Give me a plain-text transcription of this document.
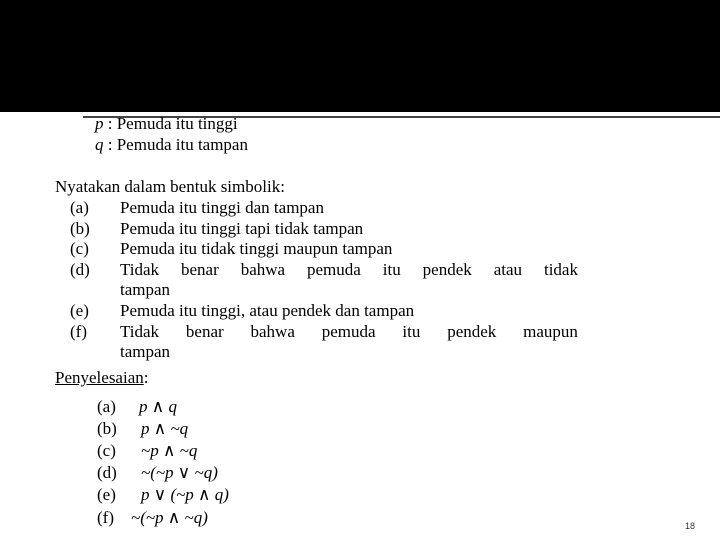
p : Pemuda itu tinggi
q : Pemuda itu tampan
Nyatakan dalam bentuk simbolik:
(a) Pemuda itu tinggi dan tampan
(b) Pemuda itu tinggi tapi tidak tampan
(c) Pemuda itu tidak tinggi maupun tampan
(d) Tidak benar bahwa pemuda itu pendek atau tidak
tampan
(e) Pemuda itu tinggi, atau pendek dan tampan
(f) Tidak benar bahwa pemuda itu pendek maupun
tampan
Penyelesaian:
(a) p ∧ q
(b) p ∧ ~q
(c) ~p ∧ ~q
(d) ~(~p ∨ ~q)
(e) p ∨ (~p ∧ q)
(f) ~(~p ∧ ~q)	18
